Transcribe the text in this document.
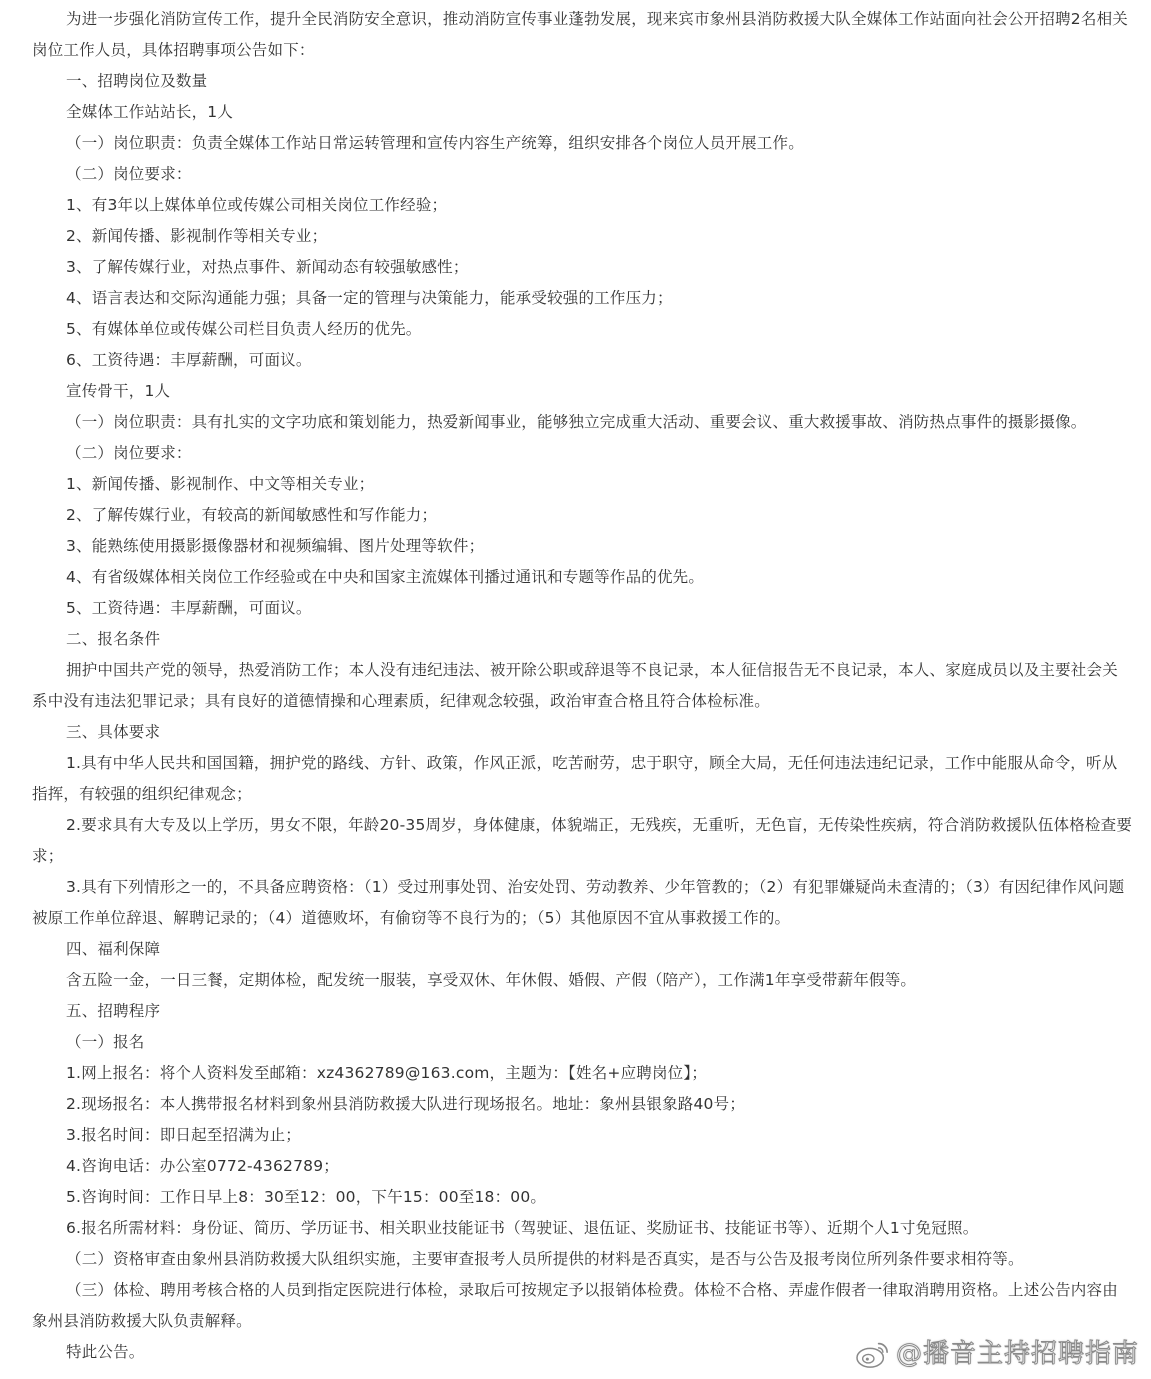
为进一步强化消防宣传工作，提升全民消防安全意识，推动消防宣传事业蓬勃发展，现来宾市象州县消防救援大队全媒体工作站面向社会公开招聘2名相关岗位工作人员，具体招聘事项公告如下：

一、招聘岗位及数量

全媒体工作站站长，1人

（一）岗位职责：负责全媒体工作站日常运转管理和宣传内容生产统筹，组织安排各个岗位人员开展工作。

（二）岗位要求：

1、有3年以上媒体单位或传媒公司相关岗位工作经验；

2、新闻传播、影视制作等相关专业；

3、了解传媒行业，对热点事件、新闻动态有较强敏感性；

4、语言表达和交际沟通能力强；具备一定的管理与决策能力，能承受较强的工作压力；

5、有媒体单位或传媒公司栏目负责人经历的优先。

6、工资待遇：丰厚薪酬，可面议。

宣传骨干，1人

（一）岗位职责：具有扎实的文字功底和策划能力，热爱新闻事业，能够独立完成重大活动、重要会议、重大救援事故、消防热点事件的摄影摄像。

（二）岗位要求：

1、新闻传播、影视制作、中文等相关专业；

2、了解传媒行业，有较高的新闻敏感性和写作能力；

3、能熟练使用摄影摄像器材和视频编辑、图片处理等软件；

4、有省级媒体相关岗位工作经验或在中央和国家主流媒体刊播过通讯和专题等作品的优先。

5、工资待遇：丰厚薪酬，可面议。

二、报名条件

拥护中国共产党的领导，热爱消防工作；本人没有违纪违法、被开除公职或辞退等不良记录，本人征信报告无不良记录，本人、家庭成员以及主要社会关系中没有违法犯罪记录；具有良好的道德情操和心理素质，纪律观念较强，政治审查合格且符合体检标准。

三、具体要求

1.具有中华人民共和国国籍，拥护党的路线、方针、政策，作风正派，吃苦耐劳，忠于职守，顾全大局，无任何违法违纪记录，工作中能服从命令，听从指挥，有较强的组织纪律观念；

2.要求具有大专及以上学历，男女不限，年龄20-35周岁，身体健康，体貌端正，无残疾，无重听，无色盲，无传染性疾病，符合消防救援队伍体格检查要求；

3.具有下列情形之一的，不具备应聘资格：（1）受过刑事处罚、治安处罚、劳动教养、少年管教的；（2）有犯罪嫌疑尚未查清的；（3）有因纪律作风问题被原工作单位辞退、解聘记录的；（4）道德败坏，有偷窃等不良行为的；（5）其他原因不宜从事救援工作的。

四、福利保障

含五险一金，一日三餐，定期体检，配发统一服装，享受双休、年休假、婚假、产假（陪产），工作满1年享受带薪年假等。

五、招聘程序

（一）报名

1.网上报名：将个人资料发至邮箱：xz4362789@163.com，主题为：【姓名+应聘岗位】；

2.现场报名：本人携带报名材料到象州县消防救援大队进行现场报名。地址：象州县银象路40号；

3.报名时间：即日起至招满为止；

4.咨询电话：办公室0772-4362789；

5.咨询时间：工作日早上8：30至12：00，下午15：00至18：00。

6.报名所需材料：身份证、简历、学历证书、相关职业技能证书（驾驶证、退伍证、奖励证书、技能证书等）、近期个人1寸免冠照。

（二）资格审查由象州县消防救援大队组织实施，主要审查报考人员所提供的材料是否真实，是否与公告及报考岗位所列条件要求相符等。

（三）体检、聘用考核合格的人员到指定医院进行体检，录取后可按规定予以报销体检费。体检不合格、弄虚作假者一律取消聘用资格。上述公告内容由象州县消防救援大队负责解释。

特此公告。	@播音主持招聘指南
